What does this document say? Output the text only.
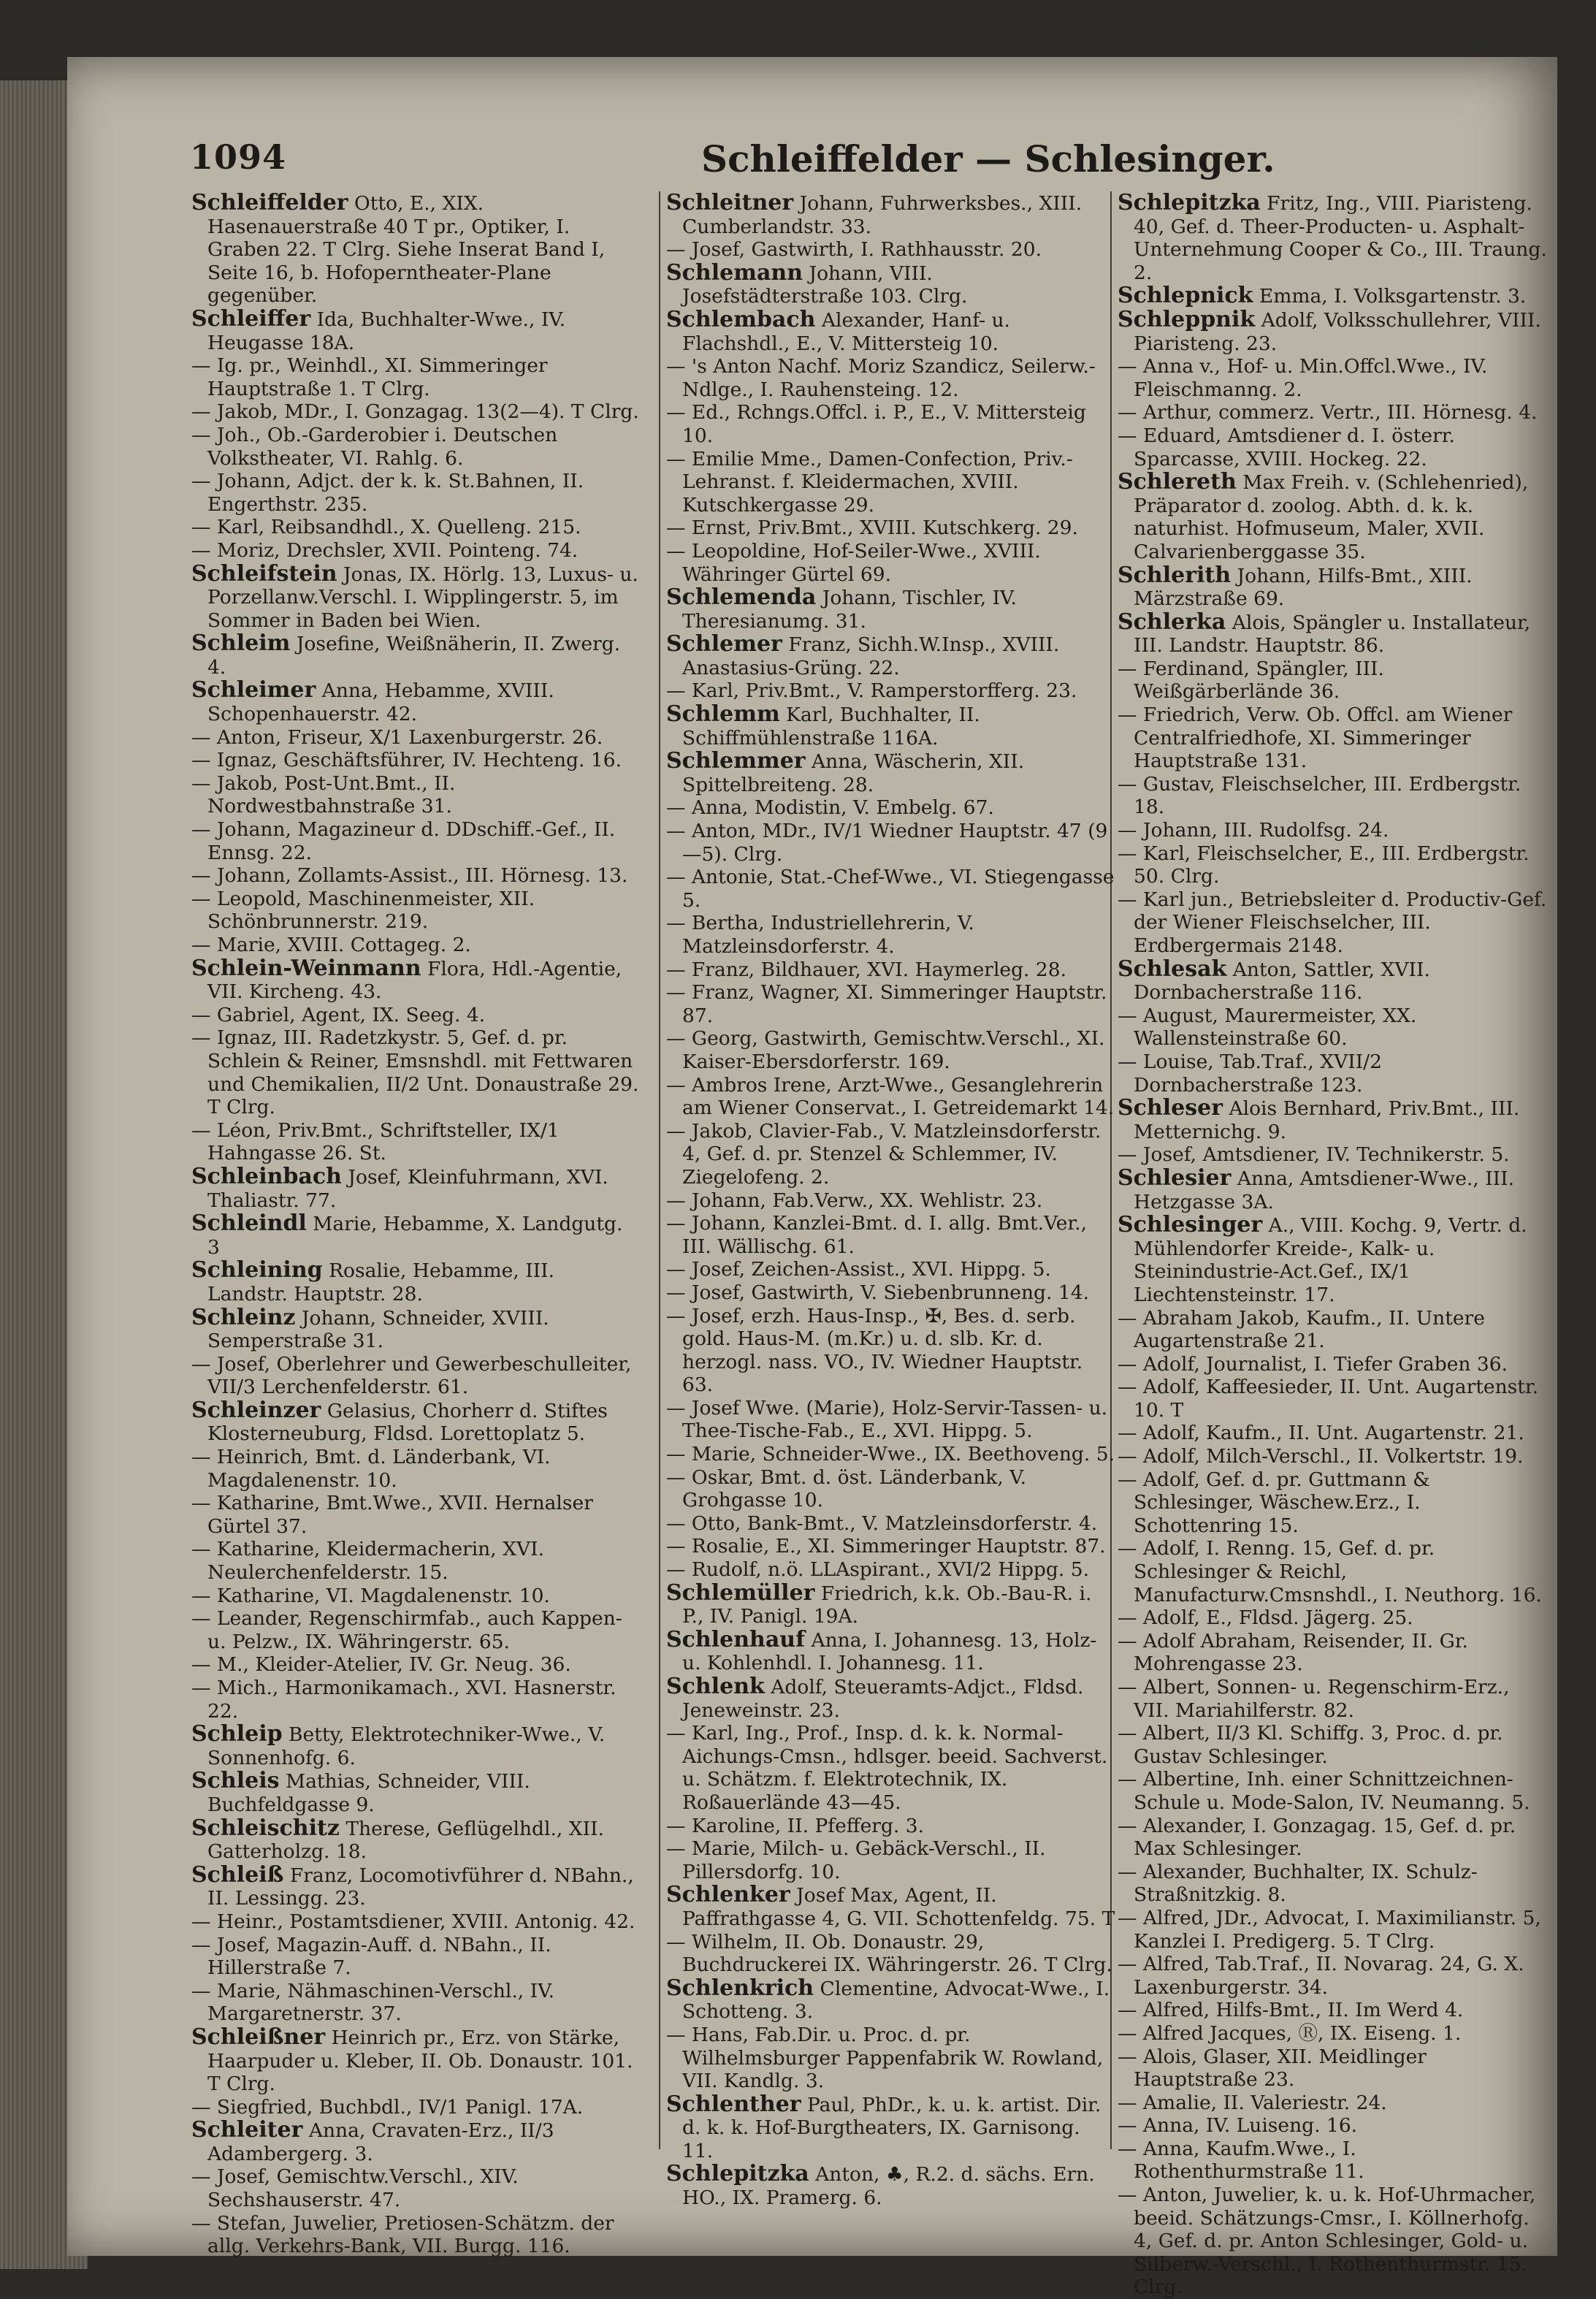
1094	Schleiffelder — Schlesinger.
Schleiffelder Otto, E., XIX. Hasenauerstraße 40 T pr., Optiker, I. Graben 22. T Clrg. Siehe Inserat Band I, Seite 16, b. Hofoperntheater-Plane gegenüber.
Schleiffer Ida, Buchhalter-Wwe., IV. Heugasse 18A.
— Ig. pr., Weinhdl., XI. Simmeringer Hauptstraße 1. T Clrg.
— Jakob, MDr., I. Gonzagag. 13(2—4). T Clrg.
— Joh., Ob.-Garderobier i. Deutschen Volkstheater, VI. Rahlg. 6.
— Johann, Adjct. der k. k. St.Bahnen, II. Engerthstr. 235.
— Karl, Reibsandhdl., X. Quelleng. 215.
— Moriz, Drechsler, XVII. Pointeng. 74.
Schleifstein Jonas, IX. Hörlg. 13, Luxus- u. Porzellanw.Verschl. I. Wipplingerstr. 5, im Sommer in Baden bei Wien.
Schleim Josefine, Weißnäherin, II. Zwerg. 4.
Schleimer Anna, Hebamme, XVIII. Schopenhauerstr. 42.
— Anton, Friseur, X/1 Laxenburgerstr. 26.
— Ignaz, Geschäftsführer, IV. Hechteng. 16.
— Jakob, Post-Unt.Bmt., II. Nordwestbahnstraße 31.
— Johann, Magazineur d. DDschiff.-Gef., II. Ennsg. 22.
— Johann, Zollamts-Assist., III. Hörnesg. 13.
— Leopold, Maschinenmeister, XII. Schönbrunnerstr. 219.
— Marie, XVIII. Cottageg. 2.
Schlein-Weinmann Flora, Hdl.-Agentie, VII. Kircheng. 43.
— Gabriel, Agent, IX. Seeg. 4.
— Ignaz, III. Radetzkystr. 5, Gef. d. pr. Schlein & Reiner, Emsnshdl. mit Fettwaren und Chemikalien, II/2 Unt. Donaustraße 29. T Clrg.
— Léon, Priv.Bmt., Schriftsteller, IX/1 Hahngasse 26. St.
Schleinbach Josef, Kleinfuhrmann, XVI. Thaliastr. 77.
Schleindl Marie, Hebamme, X. Landgutg. 3
Schleining Rosalie, Hebamme, III. Landstr. Hauptstr. 28.
Schleinz Johann, Schneider, XVIII. Semperstraße 31.
— Josef, Oberlehrer und Gewerbeschulleiter, VII/3 Lerchenfelderstr. 61.
Schleinzer Gelasius, Chorherr d. Stiftes Klosterneuburg, Fldsd. Lorettoplatz 5.
— Heinrich, Bmt. d. Länderbank, VI. Magdalenenstr. 10.
— Katharine, Bmt.Wwe., XVII. Hernalser Gürtel 37.
— Katharine, Kleidermacherin, XVI. Neulerchenfelderstr. 15.
— Katharine, VI. Magdalenenstr. 10.
— Leander, Regenschirmfab., auch Kappen- u. Pelzw., IX. Währingerstr. 65.
— M., Kleider-Atelier, IV. Gr. Neug. 36.
— Mich., Harmonikamach., XVI. Hasnerstr. 22.
Schleip Betty, Elektrotechniker-Wwe., V. Sonnenhofg. 6.
Schleis Mathias, Schneider, VIII. Buchfeldgasse 9.
Schleischitz Therese, Geflügelhdl., XII. Gatterholzg. 18.
Schleiß Franz, Locomotivführer d. NBahn., II. Lessingg. 23.
— Heinr., Postamtsdiener, XVIII. Antonig. 42.
— Josef, Magazin-Auff. d. NBahn., II. Hillerstraße 7.
— Marie, Nähmaschinen-Verschl., IV. Margaretnerstr. 37.
Schleißner Heinrich pr., Erz. von Stärke, Haarpuder u. Kleber, II. Ob. Donaustr. 101. T Clrg.
— Siegfried, Buchbdl., IV/1 Panigl. 17A.
Schleiter Anna, Cravaten-Erz., II/3 Adambergerg. 3.
— Josef, Gemischtw.Verschl., XIV. Sechshauserstr. 47.
— Stefan, Juwelier, Pretiosen-Schätzm. der allg. Verkehrs-Bank, VII. Burgg. 116.
Schleitner Johann, Fuhrwerksbes., XIII. Cumberlandstr. 33.
— Josef, Gastwirth, I. Rathhausstr. 20.
Schlemann Johann, VIII. Josefstädterstraße 103. Clrg.
Schlembach Alexander, Hanf- u. Flachshdl., E., V. Mittersteig 10.
— 's Anton Nachf. Moriz Szandicz, Seilerw.-Ndlge., I. Rauhensteing. 12.
— Ed., Rchngs.Offcl. i. P., E., V. Mittersteig 10.
— Emilie Mme., Damen-Confection, Priv.-Lehranst. f. Kleidermachen, XVIII. Kutschkergasse 29.
— Ernst, Priv.Bmt., XVIII. Kutschkerg. 29.
— Leopoldine, Hof-Seiler-Wwe., XVIII. Währinger Gürtel 69.
Schlemenda Johann, Tischler, IV. Theresianumg. 31.
Schlemer Franz, Sichh.W.Insp., XVIII. Anastasius-Grüng. 22.
— Karl, Priv.Bmt., V. Ramperstorfferg. 23.
Schlemm Karl, Buchhalter, II. Schiffmühlenstraße 116A.
Schlemmer Anna, Wäscherin, XII. Spittelbreiteng. 28.
— Anna, Modistin, V. Embelg. 67.
— Anton, MDr., IV/1 Wiedner Hauptstr. 47 (9—5). Clrg.
— Antonie, Stat.-Chef-Wwe., VI. Stiegengasse 5.
— Bertha, Industriellehrerin, V. Matzleinsdorferstr. 4.
— Franz, Bildhauer, XVI. Haymerleg. 28.
— Franz, Wagner, XI. Simmeringer Hauptstr. 87.
— Georg, Gastwirth, Gemischtw.Verschl., XI. Kaiser-Ebersdorferstr. 169.
— Ambros Irene, Arzt-Wwe., Gesanglehrerin am Wiener Conservat., I. Getreidemarkt 14.
— Jakob, Clavier-Fab., V. Matzleinsdorferstr. 4, Gef. d. pr. Stenzel & Schlemmer, IV. Ziegelofeng. 2.
— Johann, Fab.Verw., XX. Wehlistr. 23.
— Johann, Kanzlei-Bmt. d. I. allg. Bmt.Ver., III. Wällischg. 61.
— Josef, Zeichen-Assist., XVI. Hippg. 5.
— Josef, Gastwirth, V. Siebenbrunneng. 14.
— Josef, erzh. Haus-Insp., ✠, Bes. d. serb. gold. Haus-M. (m.Kr.) u. d. slb. Kr. d. herzogl. nass. VO., IV. Wiedner Hauptstr. 63.
— Josef Wwe. (Marie), Holz-Servir-Tassen- u. Thee-Tische-Fab., E., XVI. Hippg. 5.
— Marie, Schneider-Wwe., IX. Beethoveng. 5.
— Oskar, Bmt. d. öst. Länderbank, V. Grohgasse 10.
— Otto, Bank-Bmt., V. Matzleinsdorferstr. 4.
— Rosalie, E., XI. Simmeringer Hauptstr. 87.
— Rudolf, n.ö. LLAspirant., XVI/2 Hippg. 5.
Schlemüller Friedrich, k.k. Ob.-Bau-R. i. P., IV. Panigl. 19A.
Schlenhauf Anna, I. Johannesg. 13, Holz- u. Kohlenhdl. I. Johannesg. 11.
Schlenk Adolf, Steueramts-Adjct., Fldsd. Jeneweinstr. 23.
— Karl, Ing., Prof., Insp. d. k. k. Normal-Aichungs-Cmsn., hdlsger. beeid. Sachverst. u. Schätzm. f. Elektrotechnik, IX. Roßauerlände 43—45.
— Karoline, II. Pfefferg. 3.
— Marie, Milch- u. Gebäck-Verschl., II. Pillersdorfg. 10.
Schlenker Josef Max, Agent, II. Paffrathgasse 4, G. VII. Schottenfeldg. 75. T
— Wilhelm, II. Ob. Donaustr. 29, Buchdruckerei IX. Währingerstr. 26. T Clrg.
Schlenkrich Clementine, Advocat-Wwe., I. Schotteng. 3.
— Hans, Fab.Dir. u. Proc. d. pr. Wilhelmsburger Pappenfabrik W. Rowland, VII. Kandlg. 3.
Schlenther Paul, PhDr., k. u. k. artist. Dir. d. k. k. Hof-Burgtheaters, IX. Garnisong. 11.
Schlepitzka Anton, ♣, R.2. d. sächs. Ern. HO., IX. Pramerg. 6.
Schlepitzka Fritz, Ing., VIII. Piaristeng. 40, Gef. d. Theer-Producten- u. Asphalt-Unternehmung Cooper & Co., III. Traung. 2.
Schlepnick Emma, I. Volksgartenstr. 3.
Schleppnik Adolf, Volksschullehrer, VIII. Piaristeng. 23.
— Anna v., Hof- u. Min.Offcl.Wwe., IV. Fleischmanng. 2.
— Arthur, commerz. Vertr., III. Hörnesg. 4.
— Eduard, Amtsdiener d. I. österr. Sparcasse, XVIII. Hockeg. 22.
Schlereth Max Freih. v. (Schlehenried), Präparator d. zoolog. Abth. d. k. k. naturhist. Hofmuseum, Maler, XVII. Calvarienberggasse 35.
Schlerith Johann, Hilfs-Bmt., XIII. Märzstraße 69.
Schlerka Alois, Spängler u. Installateur, III. Landstr. Hauptstr. 86.
— Ferdinand, Spängler, III. Weißgärberlände 36.
— Friedrich, Verw. Ob. Offcl. am Wiener Centralfriedhofe, XI. Simmeringer Hauptstraße 131.
— Gustav, Fleischselcher, III. Erdbergstr. 18.
— Johann, III. Rudolfsg. 24.
— Karl, Fleischselcher, E., III. Erdbergstr. 50. Clrg.
— Karl jun., Betriebsleiter d. Productiv-Gef. der Wiener Fleischselcher, III. Erdbergermais 2148.
Schlesak Anton, Sattler, XVII. Dornbacherstraße 116.
— August, Maurermeister, XX. Wallensteinstraße 60.
— Louise, Tab.Traf., XVII/2 Dornbacherstraße 123.
Schleser Alois Bernhard, Priv.Bmt., III. Metternichg. 9.
— Josef, Amtsdiener, IV. Technikerstr. 5.
Schlesier Anna, Amtsdiener-Wwe., III. Hetzgasse 3A.
Schlesinger A., VIII. Kochg. 9, Vertr. d. Mühlendorfer Kreide-, Kalk- u. Steinindustrie-Act.Gef., IX/1 Liechtensteinstr. 17.
— Abraham Jakob, Kaufm., II. Untere Augartenstraße 21.
— Adolf, Journalist, I. Tiefer Graben 36.
— Adolf, Kaffeesieder, II. Unt. Augartenstr. 10. T
— Adolf, Kaufm., II. Unt. Augartenstr. 21.
— Adolf, Milch-Verschl., II. Volkertstr. 19.
— Adolf, Gef. d. pr. Guttmann & Schlesinger, Wäschew.Erz., I. Schottenring 15.
— Adolf, I. Renng. 15, Gef. d. pr. Schlesinger & Reichl, Manufacturw.Cmsnshdl., I. Neuthorg. 16.
— Adolf, E., Fldsd. Jägerg. 25.
— Adolf Abraham, Reisender, II. Gr. Mohrengasse 23.
— Albert, Sonnen- u. Regenschirm-Erz., VII. Mariahilferstr. 82.
— Albert, II/3 Kl. Schiffg. 3, Proc. d. pr. Gustav Schlesinger.
— Albertine, Inh. einer Schnittzeichnen-Schule u. Mode-Salon, IV. Neumanng. 5.
— Alexander, I. Gonzagag. 15, Gef. d. pr. Max Schlesinger.
— Alexander, Buchhalter, IX. Schulz-Straßnitzkig. 8.
— Alfred, JDr., Advocat, I. Maximilianstr. 5, Kanzlei I. Predigerg. 5. T Clrg.
— Alfred, Tab.Traf., II. Novarag. 24, G. X. Laxenburgerstr. 34.
— Alfred, Hilfs-Bmt., II. Im Werd 4.
— Alfred Jacques, Ⓡ, IX. Eiseng. 1.
— Alois, Glaser, XII. Meidlinger Hauptstraße 23.
— Amalie, II. Valeriestr. 24.
— Anna, IV. Luiseng. 16.
— Anna, Kaufm.Wwe., I. Rothenthurmstraße 11.
— Anton, Juwelier, k. u. k. Hof-Uhrmacher, beeid. Schätzungs-Cmsr., I. Köllnerhofg. 4, Gef. d. pr. Anton Schlesinger, Gold- u. Silberw.-Verschl., I. Rothenthurmstr. 15. Clrg.
